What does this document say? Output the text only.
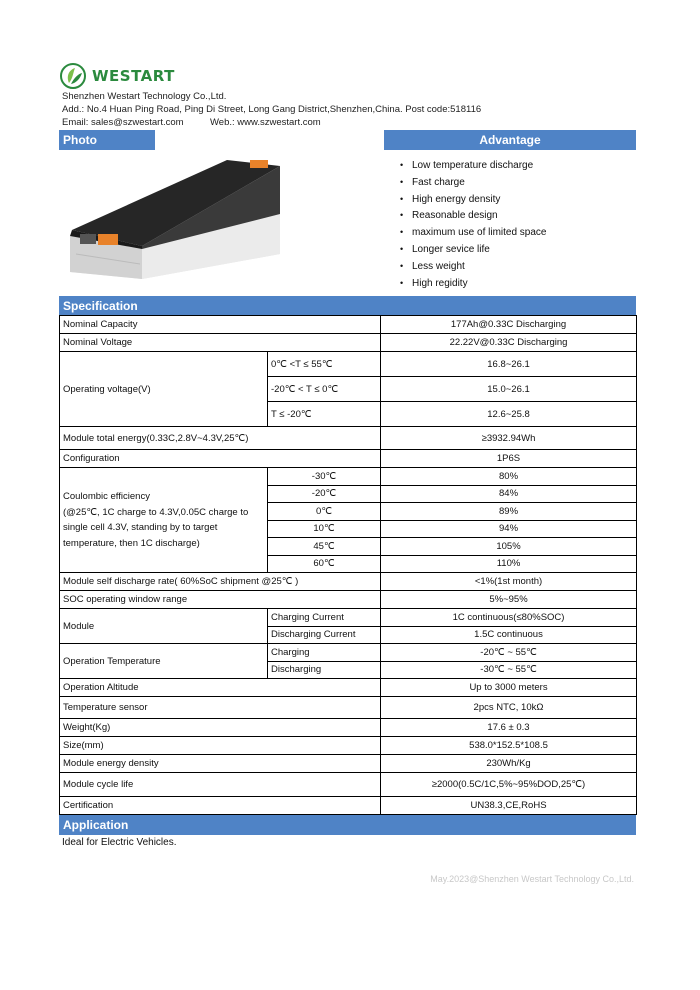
WESTART
Shenzhen Westart Technology Co.,Ltd.
Add.: No.4 Huan Ping Road, Ping Di Street, Long Gang District,Shenzhen,China. Post code:518116
Email: sales@szwestart.com	Web.: www.szwestart.com
Photo	Advantage
• Low temperature discharge
• Fast charge
• High energy density
• Reasonable design
• maximum use of limited space
• Longer sevice life
• Less weight
• High regidity
Specification
Nominal Capacity		177Ah@0.33C Discharging
Nominal Voltage		22.22V@0.33C Discharging
Operating voltage(V)	0℃ <T ≤ 55℃	16.8~26.1
	-20℃ < T ≤ 0℃	15.0~26.1
	T ≤ -20℃	12.6~25.8
Module total energy(0.33C,2.8V~4.3V,25℃)		≥3932.94Wh
Configuration		1P6S

Coulombic efficiency
(@25℃, 1C charge to 4.3V,0.05C charge to single cell 4.3V, standing by to target temperature, then 1C discharge)	-30℃	80%
	-20℃	84%
	0℃	89%
	10℃	94%
	45℃	105%
	60℃	110%
Module self discharge rate( 60%SoC shipment @25℃ )		<1%(1st month)
SOC operating window range		5%~95%
Module	Charging Current	1C continuous(≤80%SOC)
	Discharging Current	1.5C continuous
Operation Temperature	Charging	-20℃ ~ 55℃
	Discharging	-30℃ ~ 55℃
Operation Altitude		Up to 3000 meters
Temperature sensor		2pcs NTC, 10kΩ
Weight(Kg)		17.6 ± 0.3
Size(mm)		538.0*152.5*108.5
Module energy density		230Wh/Kg
Module cycle life		≥2000(0.5C/1C,5%~95%DOD,25℃)
Certification		UN38.3,CE,RoHS
Application
Ideal for Electric Vehicles.
May.2023@Shenzhen Westart Technology Co.,Ltd.
